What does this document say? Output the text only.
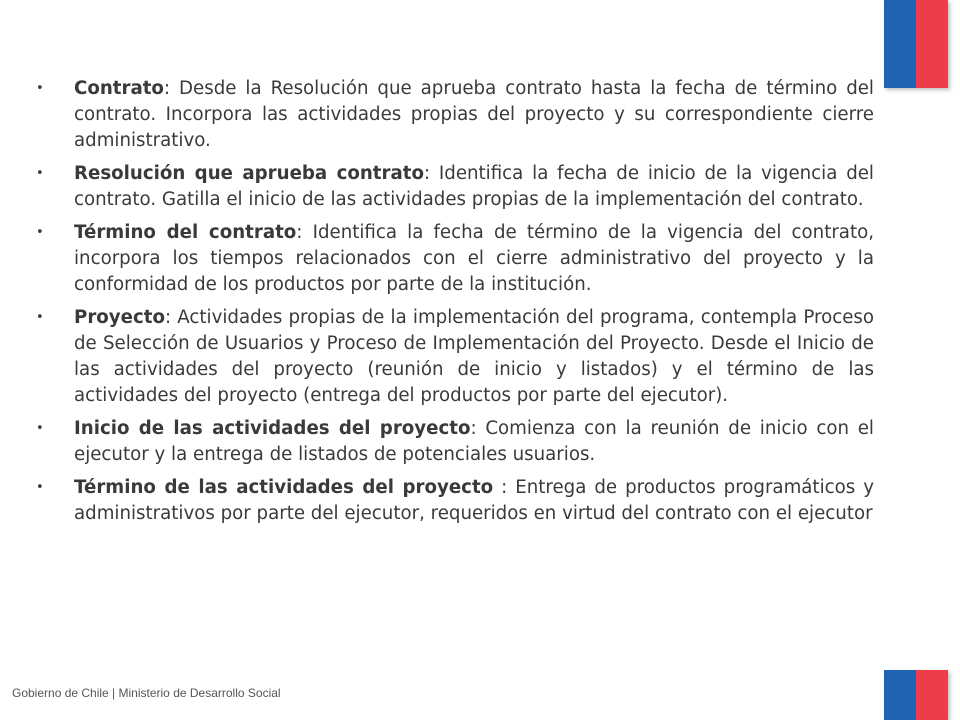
• Contrato: Desde la Resolución que aprueba contrato hasta la fecha de término del contrato. Incorpora las actividades propias del proyecto y su correspondiente cierre administrativo.
• Resolución que aprueba contrato: Identifica la fecha de inicio de la vigencia del contrato. Gatilla el inicio de las actividades propias de la implementación del contrato.
• Término del contrato: Identifica la fecha de término de la vigencia del contrato, incorpora los tiempos relacionados con el cierre administrativo del proyecto y la conformidad de los productos por parte de la institución.
• Proyecto: Actividades propias de la implementación del programa, contempla Proceso de Selección de Usuarios y Proceso de Implementación del Proyecto. Desde el Inicio de las actividades del proyecto (reunión de inicio y listados) y el término de las actividades del proyecto (entrega del productos por parte del ejecutor).
• Inicio de las actividades del proyecto: Comienza con la reunión de inicio con el ejecutor y la entrega de listados de potenciales usuarios.
• Término de las actividades del proyecto : Entrega de productos programáticos y administrativos por parte del ejecutor, requeridos en virtud del contrato con el ejecutor
Gobierno de Chile | Ministerio de Desarrollo Social
